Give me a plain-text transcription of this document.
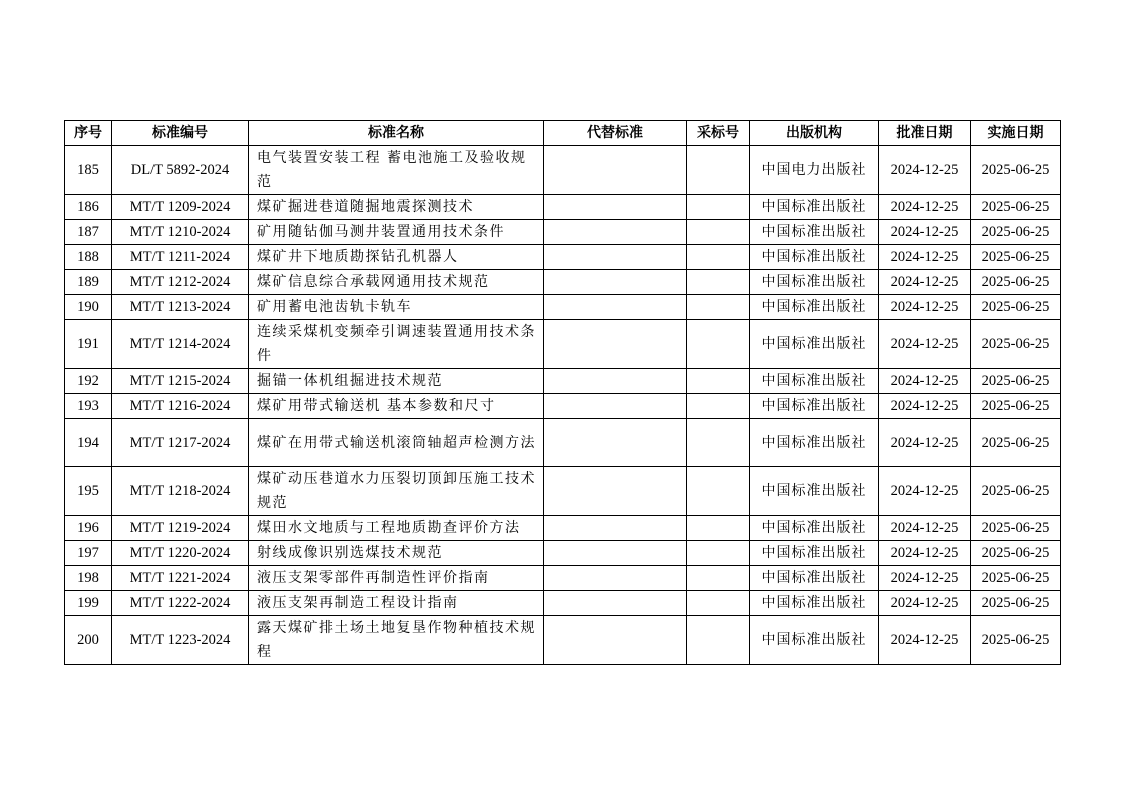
序号	标准编号	标准名称	代替标准	采标号	出版机构	批准日期	实施日期
185	DL/T 5892-2024	电气装置安装工程 蓄电池施工及验收规范			中国电力出版社	2024-12-25	2025-06-25
186	MT/T 1209-2024	煤矿掘进巷道随掘地震探测技术			中国标准出版社	2024-12-25	2025-06-25
187	MT/T 1210-2024	矿用随钻伽马测井装置通用技术条件			中国标准出版社	2024-12-25	2025-06-25
188	MT/T 1211-2024	煤矿井下地质勘探钻孔机器人			中国标准出版社	2024-12-25	2025-06-25
189	MT/T 1212-2024	煤矿信息综合承载网通用技术规范			中国标准出版社	2024-12-25	2025-06-25
190	MT/T 1213-2024	矿用蓄电池齿轨卡轨车			中国标准出版社	2024-12-25	2025-06-25
191	MT/T 1214-2024	连续采煤机变频牵引调速装置通用技术条件			中国标准出版社	2024-12-25	2025-06-25
192	MT/T 1215-2024	掘锚一体机组掘进技术规范			中国标准出版社	2024-12-25	2025-06-25
193	MT/T 1216-2024	煤矿用带式输送机 基本参数和尺寸			中国标准出版社	2024-12-25	2025-06-25
194	MT/T 1217-2024	煤矿在用带式输送机滚筒轴超声检测方法			中国标准出版社	2024-12-25	2025-06-25
195	MT/T 1218-2024	煤矿动压巷道水力压裂切顶卸压施工技术规范			中国标准出版社	2024-12-25	2025-06-25
196	MT/T 1219-2024	煤田水文地质与工程地质勘查评价方法			中国标准出版社	2024-12-25	2025-06-25
197	MT/T 1220-2024	射线成像识别选煤技术规范			中国标准出版社	2024-12-25	2025-06-25
198	MT/T 1221-2024	液压支架零部件再制造性评价指南			中国标准出版社	2024-12-25	2025-06-25
199	MT/T 1222-2024	液压支架再制造工程设计指南			中国标准出版社	2024-12-25	2025-06-25
200	MT/T 1223-2024	露天煤矿排土场土地复垦作物种植技术规程			中国标准出版社	2024-12-25	2025-06-25
